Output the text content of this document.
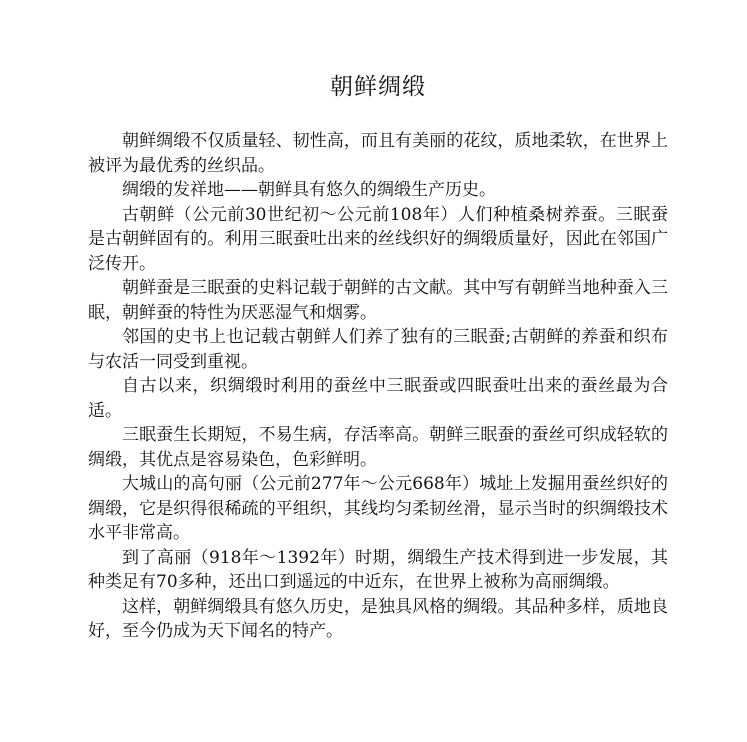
朝鲜绸缎

朝鲜绸缎不仅质量轻、韧性高，而且有美丽的花纹，质地柔软，在世界上被评为最优秀的丝织品。

绸缎的发祥地——朝鲜具有悠久的绸缎生产历史。

古朝鲜（公元前30世纪初～公元前108年）人们种植桑树养蚕。三眠蚕是古朝鲜固有的。利用三眠蚕吐出来的丝线织好的绸缎质量好，因此在邻国广泛传开。

朝鲜蚕是三眠蚕的史料记载于朝鲜的古文献。其中写有朝鲜当地种蚕入三眠，朝鲜蚕的特性为厌恶湿气和烟雾。

邻国的史书上也记载古朝鲜人们养了独有的三眠蚕;古朝鲜的养蚕和织布与农活一同受到重视。

自古以来，织绸缎时利用的蚕丝中三眠蚕或四眠蚕吐出来的蚕丝最为合适。

三眠蚕生长期短，不易生病，存活率高。朝鲜三眠蚕的蚕丝可织成轻软的绸缎，其优点是容易染色，色彩鲜明。

大城山的高句丽（公元前277年～公元668年）城址上发掘用蚕丝织好的绸缎，它是织得很稀疏的平组织，其线均匀柔韧丝滑，显示当时的织绸缎技术水平非常高。

到了高丽（918年～1392年）时期，绸缎生产技术得到进一步发展，其种类足有70多种，还出口到遥远的中近东，在世界上被称为高丽绸缎。

这样，朝鲜绸缎具有悠久历史，是独具风格的绸缎。其品种多样，质地良好，至今仍成为天下闻名的特产。
